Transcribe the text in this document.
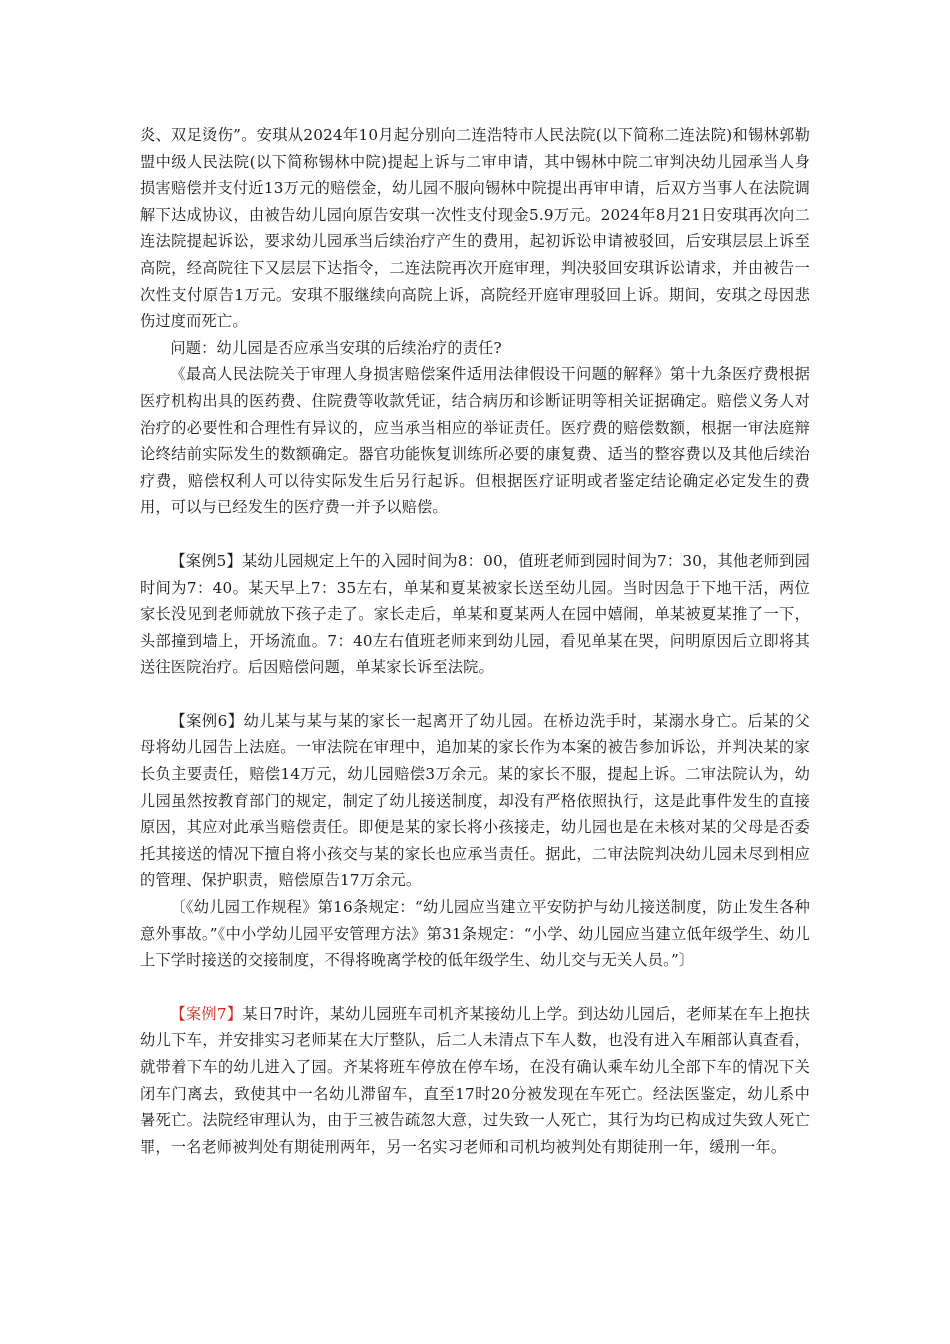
炎、双足烫伤”。安琪从2024年10月起分别向二连浩特市人民法院(以下简称二连法院)和锡林郭勒盟中级人民法院(以下简称锡林中院)提起上诉与二审申请，其中锡林中院二审判决幼儿园承当人身损害赔偿并支付近13万元的赔偿金，幼儿园不服向锡林中院提出再审申请，后双方当事人在法院调解下达成协议，由被告幼儿园向原告安琪一次性支付现金5.9万元。2024年8月21日安琪再次向二连法院提起诉讼，要求幼儿园承当后续治疗产生的费用，起初诉讼申请被驳回，后安琪层层上诉至高院，经高院往下又层层下达指令，二连法院再次开庭审理，判决驳回安琪诉讼请求，并由被告一次性支付原告1万元。安琪不服继续向高院上诉，高院经开庭审理驳回上诉。期间，安琪之母因悲伤过度而死亡。

问题：幼儿园是否应承当安琪的后续治疗的责任?

《最高人民法院关于审理人身损害赔偿案件适用法律假设干问题的解释》第十九条医疗费根据医疗机构出具的医药费、住院费等收款凭证，结合病历和诊断证明等相关证据确定。赔偿义务人对治疗的必要性和合理性有异议的，应当承当相应的举证责任。医疗费的赔偿数额，根据一审法庭辩论终结前实际发生的数额确定。器官功能恢复训练所必要的康复费、适当的整容费以及其他后续治疗费，赔偿权利人可以待实际发生后另行起诉。但根据医疗证明或者鉴定结论确定必定发生的费用，可以与已经发生的医疗费一并予以赔偿。

【案例5】某幼儿园规定上午的入园时间为8：00，值班老师到园时间为7：30，其他老师到园时间为7：40。某天早上7：35左右，单某和夏某被家长送至幼儿园。当时因急于下地干活，两位家长没见到老师就放下孩子走了。家长走后，单某和夏某两人在园中嬉闹，单某被夏某推了一下，头部撞到墙上，开场流血。7：40左右值班老师来到幼儿园，看见单某在哭，问明原因后立即将其送往医院治疗。后因赔偿问题，单某家长诉至法院。

【案例6】幼儿某与某与某的家长一起离开了幼儿园。在桥边洗手时，某溺水身亡。后某的父母将幼儿园告上法庭。一审法院在审理中，追加某的家长作为本案的被告参加诉讼，并判决某的家长负主要责任，赔偿14万元，幼儿园赔偿3万余元。某的家长不服，提起上诉。二审法院认为，幼儿园虽然按教育部门的规定，制定了幼儿接送制度，却没有严格依照执行，这是此事件发生的直接原因，其应对此承当赔偿责任。即便是某的家长将小孩接走，幼儿园也是在未核对某的父母是否委托其接送的情况下擅自将小孩交与某的家长也应承当责任。据此，二审法院判决幼儿园未尽到相应的管理、保护职责，赔偿原告17万余元。

〔《幼儿园工作规程》第16条规定：“幼儿园应当建立平安防护与幼儿接送制度，防止发生各种意外事故。”《中小学幼儿园平安管理方法》第31条规定：“小学、幼儿园应当建立低年级学生、幼儿上下学时接送的交接制度，不得将晚离学校的低年级学生、幼儿交与无关人员。”〕

【案例7】某日7时许，某幼儿园班车司机齐某接幼儿上学。到达幼儿园后，老师某在车上抱扶幼儿下车，并安排实习老师某在大厅整队，后二人未清点下车人数，也没有进入车厢部认真查看，就带着下车的幼儿进入了园。齐某将班车停放在停车场，在没有确认乘车幼儿全部下车的情况下关闭车门离去，致使其中一名幼儿滞留车，直至17时20分被发现在车死亡。经法医鉴定，幼儿系中暑死亡。法院经审理认为，由于三被告疏忽大意，过失致一人死亡，其行为均已构成过失致人死亡罪，一名老师被判处有期徒刑两年，另一名实习老师和司机均被判处有期徒刑一年，缓刑一年。
